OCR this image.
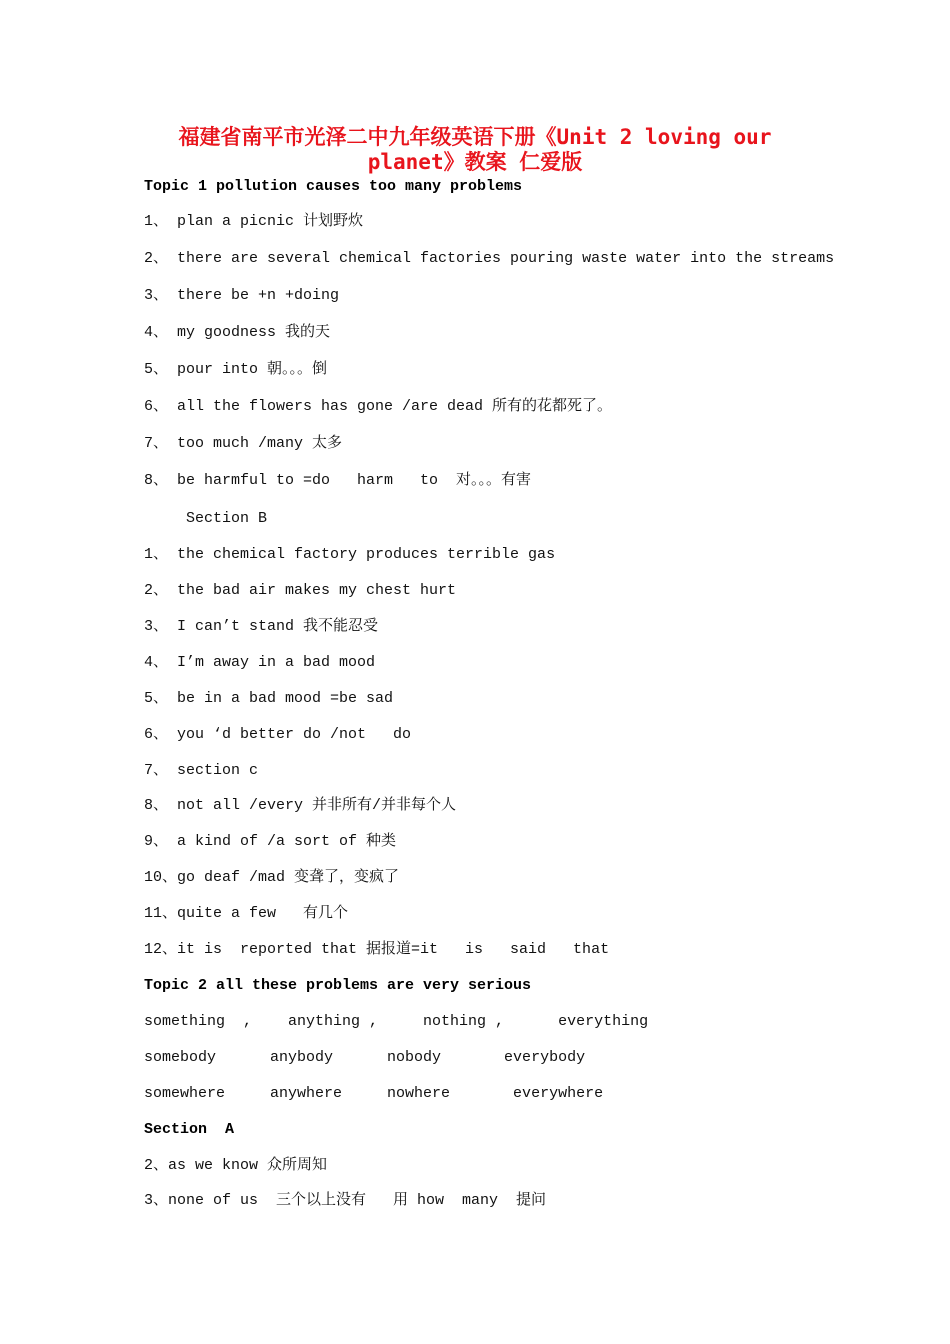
福建省南平市光泽二中九年级英语下册《Unit 2 loving our
planet》教案 仁爱版
Topic 1 pollution causes too many problems
1、 plan a picnic 计划野炊
2、 there are several chemical factories pouring waste water into the streams
3、 there be +n +doing
4、 my goodness 我的天
5、 pour into 朝。。。倒
6、 all the flowers has gone /are dead 所有的花都死了。
7、 too much /many 太多
8、 be harmful to =do   harm   to  对。。。有害
Section B
1、 the chemical factory produces terrible gas
2、 the bad air makes my chest hurt
3、 I can’t stand 我不能忍受
4、 I’m away in a bad mood
5、 be in a bad mood =be sad
6、 you ‘d better do /not   do
7、 section c
8、 not all /every 并非所有/并非每个人
9、 a kind of /a sort of 种类
10、go deaf /mad 变聋了，变疯了
11、quite a few   有几个
12、it is  reported that 据报道=it   is   said   that
Topic 2 all these problems are very serious
something  ,    anything ,     nothing ,      everything
somebody      anybody      nobody       everybody
somewhere     anywhere     nowhere       everywhere
Section  A
2、as we know 众所周知
3、none of us  三个以上没有   用 how  many  提问
